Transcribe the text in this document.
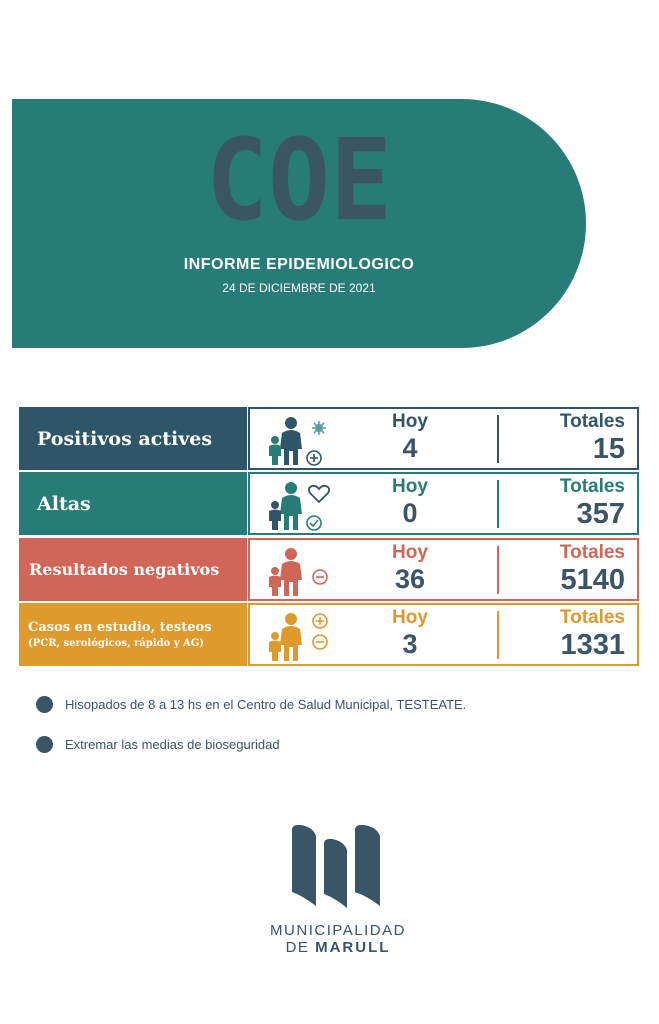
COE
INFORME EPIDEMIOLOGICO
24 DE DICIEMBRE DE 2021
Positivos actives
Hoy
4
Totales
15
Altas
Hoy
0
Totales
357
Resultados negativos
Hoy
36
Totales
5140
Casos en estudio, testeos
(PCR, serológicos, rápido y AG)
Hoy
3
Totales
1331
Hisopados de 8 a 13 hs en el Centro de Salud Municipal, TESTEATE.
Extremar las medias de bioseguridad
MUNICIPALIDAD
DE MARULL
